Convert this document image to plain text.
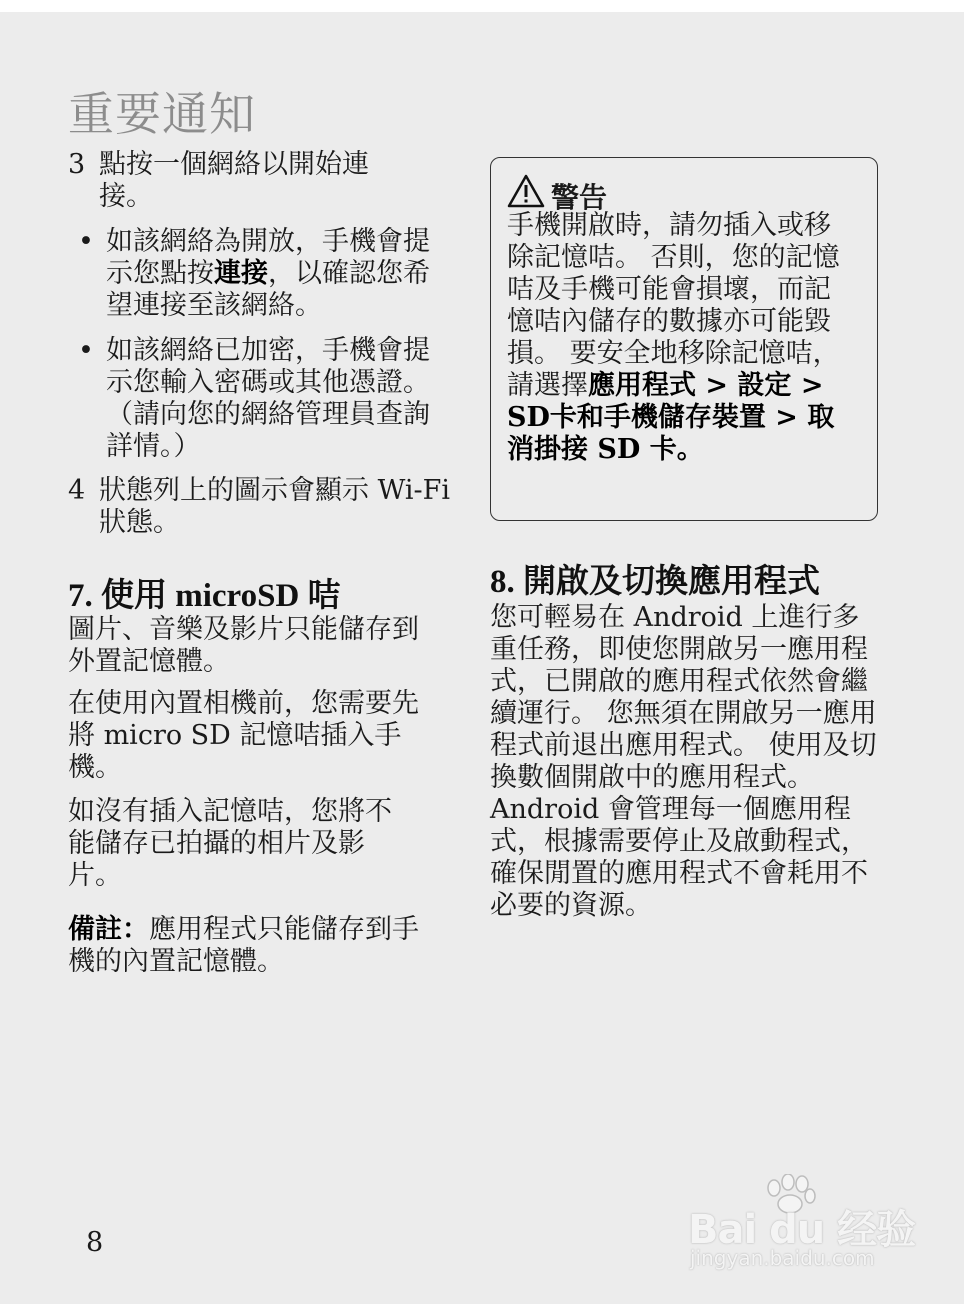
重要通知
3 點按一個網絡以開始連接。
• 如該網絡為開放，手機會提示您點按連接，以確認您希望連接至該網絡。
• 如該網絡已加密，手機會提示您輸入密碼或其他憑證。（請向您的網絡管理員查詢詳情。）
4 狀態列上的圖示會顯示 Wi-Fi 狀態。
7. 使用 microSD 咭
圖片、音樂及影片只能儲存到外置記憶體。
在使用內置相機前，您需要先將 micro SD 記憶咭插入手機。
如沒有插入記憶咭，您將不能儲存已拍攝的相片及影片。
備註：應用程式只能儲存到手機的內置記憶體。
警告
手機開啟時，請勿插入或移除記憶咭。 否則，您的記憶咭及手機可能會損壞，而記憶咭內儲存的數據亦可能毀損。 要安全地移除記憶咭，請選擇應用程式 > 設定 > SD卡和手機儲存裝置 > 取消掛接 SD 卡。
8. 開啟及切換應用程式
您可輕易在 Android 上進行多重任務，即使您開啟另一應用程式，已開啟的應用程式依然會繼續運行。 您無須在開啟另一應用程式前退出應用程式。 使用及切換數個開啟中的應用程式。 Android 會管理每一個應用程式，根據需要停止及啟動程式，確保閒置的應用程式不會耗用不必要的資源。
8	Bai du 经验
jingyan.baidu.com
